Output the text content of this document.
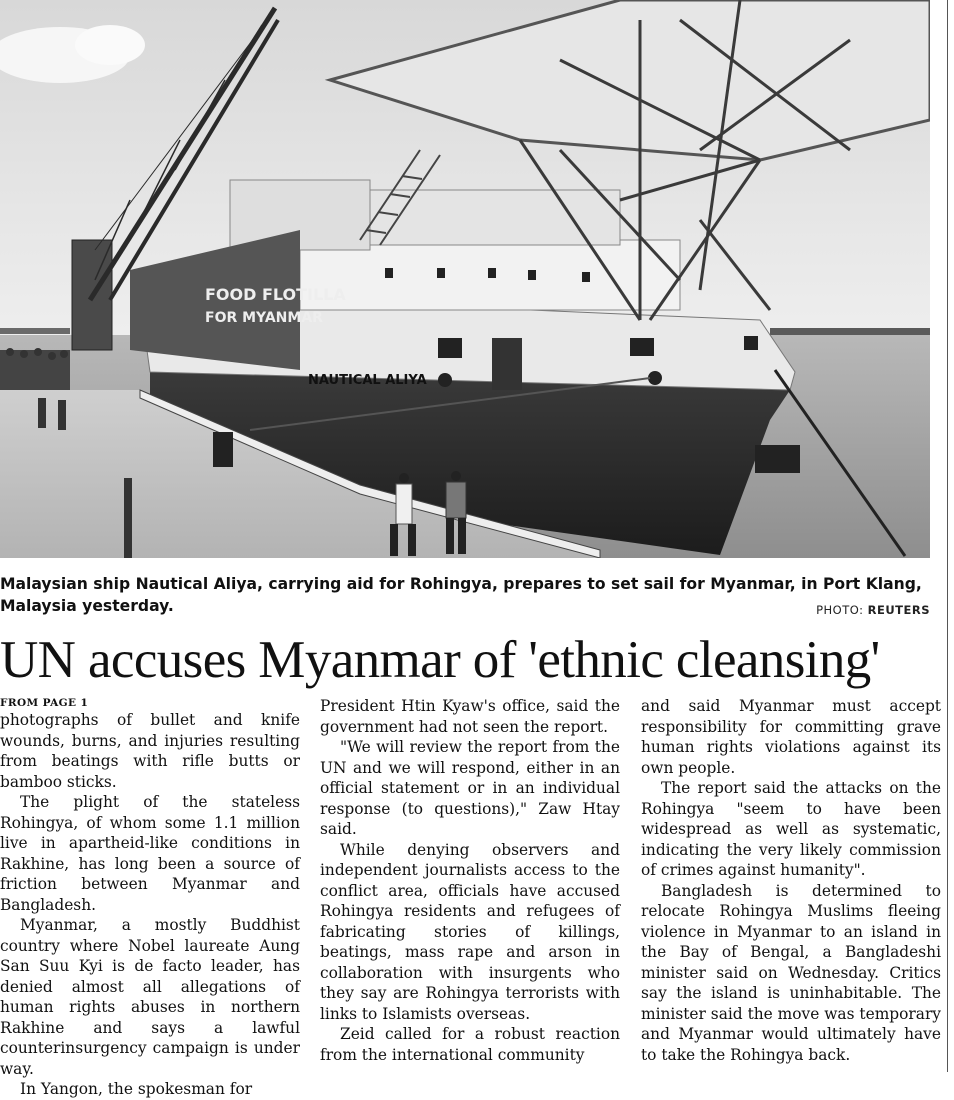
FOOD FLOTILLA
FOR MYANMAR
NAUTICAL ALIYA
Malaysian ship Nautical Aliya, carrying aid for Rohingya, prepares to set sail for Myanmar, in Port Klang, Malaysia yesterday.	PHOTO: REUTERS
UN accuses Myanmar of 'ethnic cleansing'
FROM PAGE 1

photographs of bullet and knife wounds, burns, and injuries resulting from beatings with rifle butts or bamboo sticks.

The plight of the stateless Rohingya, of whom some 1.1 million live in apartheid-like conditions in Rakhine, has long been a source of friction between Myanmar and Bangladesh.

Myanmar, a mostly Buddhist country where Nobel laureate Aung San Suu Kyi is de facto leader, has denied almost all allegations of human rights abuses in northern Rakhine and says a lawful counterinsurgency campaign is under way.

In Yangon, the spokesman for

President Htin Kyaw's office, said the government had not seen the report.

"We will review the report from the UN and we will respond, either in an official statement or in an individual response (to questions)," Zaw Htay said.

While denying observers and independent journalists access to the conflict area, officials have accused Rohingya residents and refugees of fabricating stories of killings, beatings, mass rape and arson in collaboration with insurgents who they say are Rohingya terrorists with links to Islamists overseas.

Zeid called for a robust reaction from the international community

and said Myanmar must accept responsibility for committing grave human rights violations against its own people.

The report said the attacks on the Rohingya "seem to have been widespread as well as systematic, indicating the very likely commission of crimes against humanity".

Bangladesh is determined to relocate Rohingya Muslims fleeing violence in Myanmar to an island in the Bay of Bengal, a Bangladeshi minister said on Wednesday. Critics say the island is uninhabitable. The minister said the move was temporary and Myanmar would ultimately have to take the Rohingya back.
